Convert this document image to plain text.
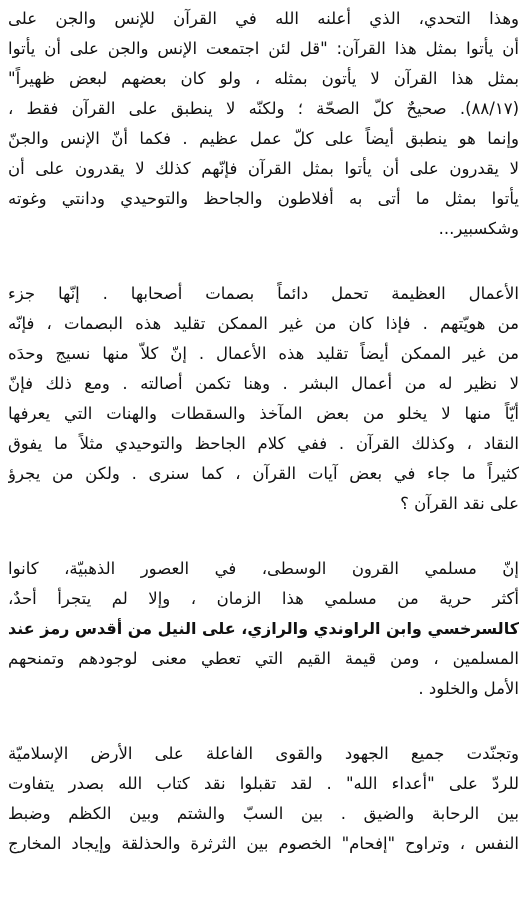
وهذا التحدي، الذي أعلنه الله في القرآن للإنس والجن على
أن يأتوا بمثل هذا القرآن: "قل لئن اجتمعت الإنس والجن على أن يأتوا
بمثل هذا القرآن لا يأتون بمثله ، ولو كان بعضهم لبعض ظهيراً"
(٨٨/١٧). صحيحٌ كلّ الصحّة ؛ ولكنّه لا ينطبق على القرآن فقط ،
وإنما هو ينطبق أيضاً على كلّ عمل عظيم . فكما أنّ الإنس والجنّ
لا يقدرون على أن يأتوا بمثل القرآن فإنّهم كذلك لا يقدرون على أن
يأتوا بمثل ما أتى به أفلاطون والجاحظ والتوحيدي ودانتي وغوته
وشكسبير...
الأعمال العظيمة تحمل دائماً بصمات أصحابها . إنّها جزء
من هويّتهم . فإذا كان من غير الممكن تقليد هذه البصمات ، فإنّه
من غير الممكن أيضاً تقليد هذه الأعمال . إنّ كلاّ منها نسيج وحدَه
لا نظير له من أعمال البشر . وهنا تكمن أصالته . ومع ذلك فإنّ
أيّاً منها لا يخلو من بعض المآخذ والسقطات والهنات التي يعرفها
النقاد ، وكذلك القرآن . ففي كلام الجاحظ والتوحيدي مثلاً ما يفوق
كثيراً ما جاء في بعض آيات القرآن ، كما سنرى . ولكن من يجرؤ
على نقد القرآن ؟
إنّ مسلمي القرون الوسطى، في العصور الذهبيّة، كانوا
أكثر حرية من مسلمي هذا الزمان ، وإلا لم يتجرأ أحدٌ،
كالسرخسي وابن الراوندي والرازي، على النيل من أقدس رمز عند
المسلمين ، ومن قيمة القيم التي تعطي معنى لوجودهم وتمنحهم
الأمل والخلود .
وتجنّدت جميع الجهود والقوى الفاعلة على الأرض الإسلاميّة
للردّ على "أعداء الله" . لقد تقبلوا نقد كتاب الله بصدر يتفاوت
بين الرحابة والضيق . بين السبّ والشتم وبين الكظم وضبط
النفس ، وتراوح "إفحام" الخصوم بين الثرثرة والحذلقة وإيجاد المخارج
